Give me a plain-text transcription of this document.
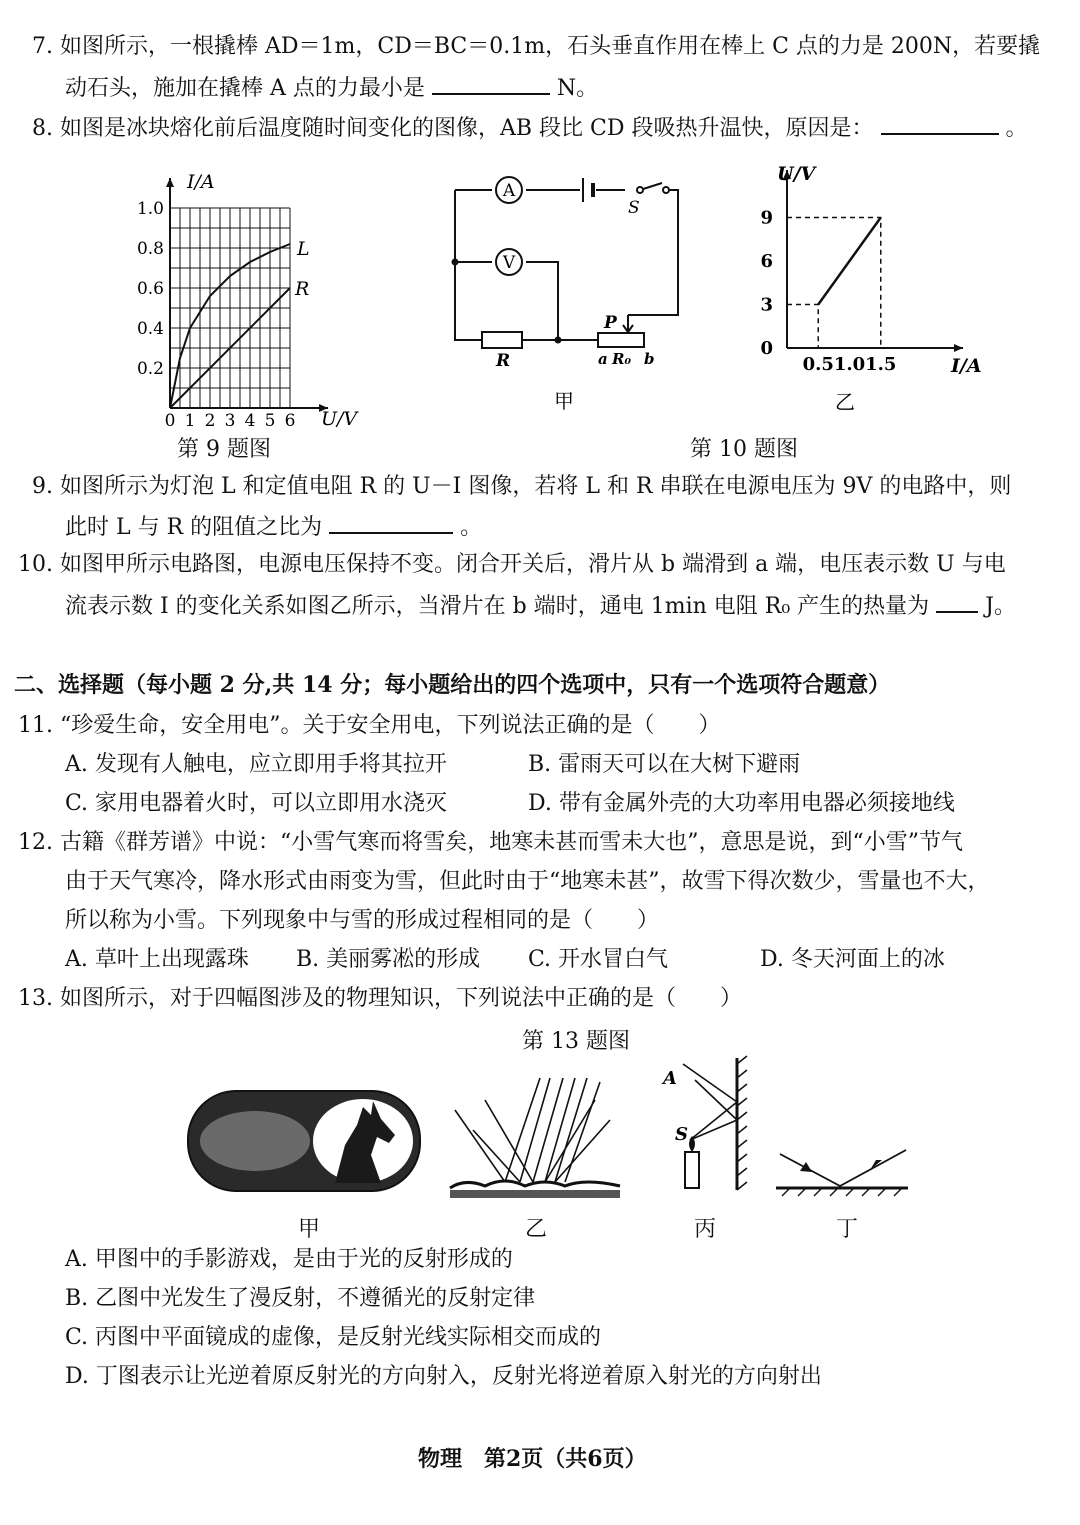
7. 如图所示，一根撬棒 AD＝1m，CD＝BC＝0.1m，石头垂直作用在棒上 C 点的力是 200N，若要撬
动石头，施加在撬棒 A 点的力最小是	N。
8. 如图是冰块熔化前后温度随时间变化的图像，AB 段比 CD 段吸热升温快，原因是：	。
0 1 2 3 4 5 6
0.2
0.4
0.6
0.8
1.0
I/A
U/V
L
R
第 9 题图
A
V
S
R
P
a R₀ b
甲
0.5 1.0 1.5
0
3
6
9
U/V
I/A
乙
第 10 题图
9. 如图所示为灯泡 L 和定值电阻 R 的 U－I 图像，若将 L 和 R 串联在电源电压为 9V 的电路中，则
此时 L 与 R 的阻值之比为	。
10. 如图甲所示电路图，电源电压保持不变。闭合开关后，滑片从 b 端滑到 a 端，电压表示数 U 与电
流表示数 I 的变化关系如图乙所示，当滑片在 b 端时，通电 1min 电阻 R₀ 产生的热量为	J。
二、选择题（每小题 2 分,共 14 分；每小题给出的四个选项中，只有一个选项符合题意）
11. “珍爱生命，安全用电”。关于安全用电，下列说法正确的是（　　）
A. 发现有人触电，应立即用手将其拉开	B. 雷雨天可以在大树下避雨
C. 家用电器着火时，可以立即用水浇灭	D. 带有金属外壳的大功率用电器必须接地线
12. 古籍《群芳谱》中说：“小雪气寒而将雪矣，地寒未甚而雪未大也”，意思是说，到“小雪”节气
由于天气寒冷，降水形式由雨变为雪，但此时由于“地寒未甚”，故雪下得次数少，雪量也不大，
所以称为小雪。下列现象中与雪的形成过程相同的是（　　）
A. 草叶上出现露珠 B. 美丽雾凇的形成 C. 开水冒白气	D. 冬天河面上的冰
13. 如图所示，对于四幅图涉及的物理知识，下列说法中正确的是（　　）
第 13 题图
甲	乙
A
S
丙	丁
A. 甲图中的手影游戏，是由于光的反射形成的
B. 乙图中光发生了漫反射，不遵循光的反射定律
C. 丙图中平面镜成的虚像，是反射光线实际相交而成的
D. 丁图表示让光逆着原反射光的方向射入，反射光将逆着原入射光的方向射出
物理　第2页（共6页）
